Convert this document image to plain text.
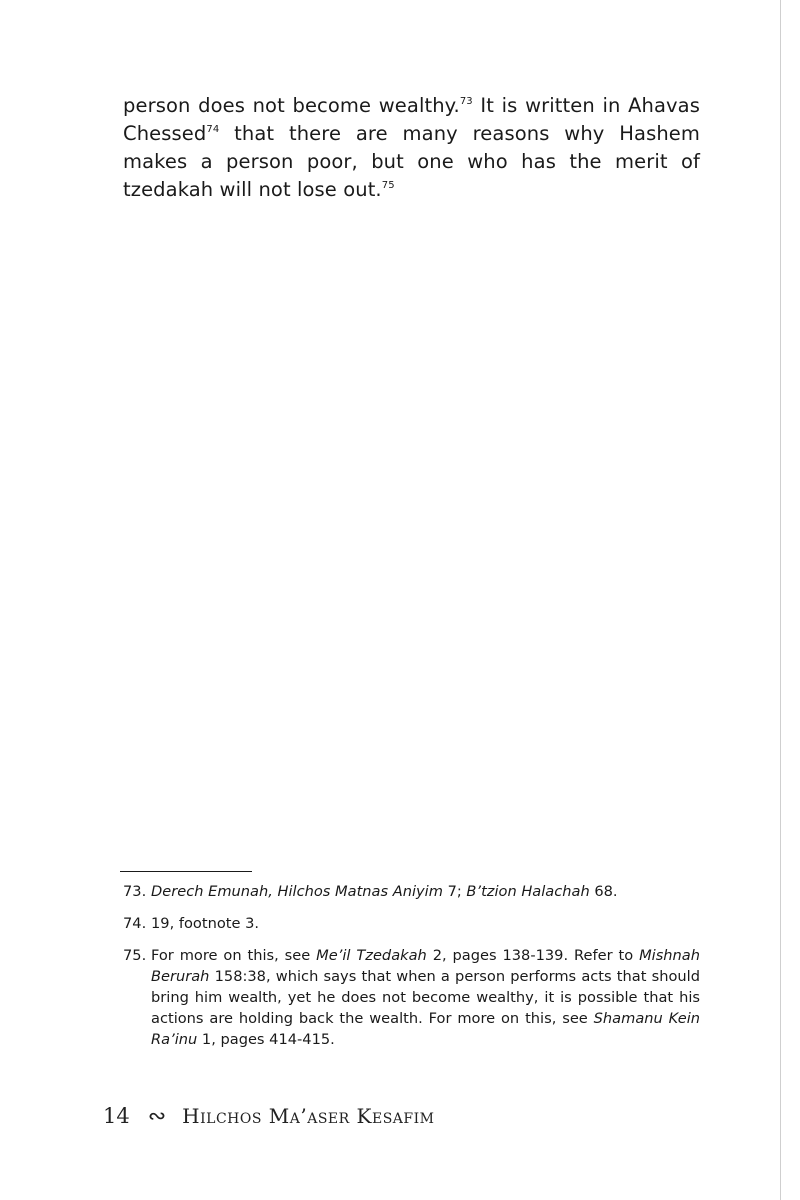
person does not become wealthy.$^{73}$ It is written in Ahavas Chessed$^{74}$ that there are many reasons why Hashem makes a person poor, but one who has the merit of tzedakah will not lose out.$^{75}$

73. Derech Emunah, Hilchos Matnas Aniyim 7; B’tzion Halachah 68.

74. 19, footnote 3.

75. For more on this, see Me’il Tzedakah 2, pages 138-139. Refer to Mishnah Berurah 158:38, which says that when a person performs acts that should bring him wealth, yet he does not become wealthy, it is possible that his actions are holding back the wealth. For more on this, see Shamanu Kein Ra’inu 1, pages 414-415.

14 ∾ Hilchos Ma’aser Kesafim
